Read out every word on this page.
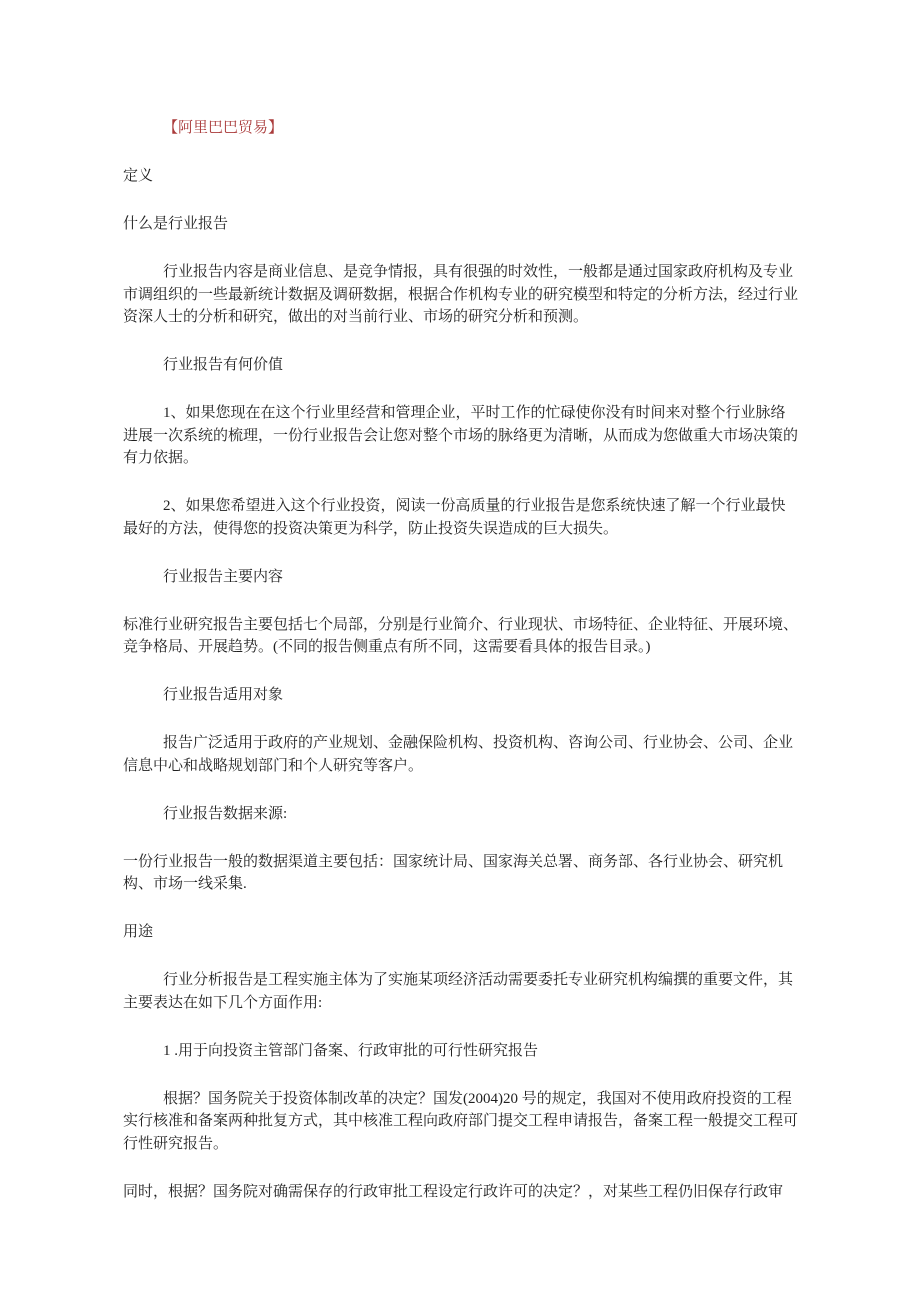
【阿里巴巴贸易】

定义

什么是行业报告

行业报告内容是商业信息、是竞争情报，具有很强的时效性，一般都是通过国家政府机构及专业市调组织的一些最新统计数据及调研数据，根据合作机构专业的研究模型和特定的分析方法，经过行业资深人士的分析和研究，做出的对当前行业、市场的研究分析和预测。

行业报告有何价值

1、如果您现在在这个行业里经营和管理企业，平时工作的忙碌使你没有时间来对整个行业脉络进展一次系统的梳理，一份行业报告会让您对整个市场的脉络更为清晰，从而成为您做重大市场决策的有力依据。

2、如果您希望进入这个行业投资，阅读一份高质量的行业报告是您系统快速了解一个行业最快最好的方法，使得您的投资决策更为科学，防止投资失误造成的巨大损失。

行业报告主要内容

标准行业研究报告主要包括七个局部，分别是行业简介、行业现状、市场特征、企业特征、开展环境、竞争格局、开展趋势。(不同的报告侧重点有所不同，这需要看具体的报告目录。)

行业报告适用对象

报告广泛适用于政府的产业规划、金融保险机构、投资机构、咨询公司、行业协会、公司、企业信息中心和战略规划部门和个人研究等客户。

行业报告数据来源:

一份行业报告一般的数据渠道主要包括：国家统计局、国家海关总署、商务部、各行业协会、研究机构、市场一线采集.

用途

行业分析报告是工程实施主体为了实施某项经济活动需要委托专业研究机构编撰的重要文件，其主要表达在如下几个方面作用:

1 .用于向投资主管部门备案、行政审批的可行性研究报告

根据？国务院关于投资体制改革的决定？国发(2004)20 号的规定，我国对不使用政府投资的工程实行核准和备案两种批复方式，其中核准工程向政府部门提交工程申请报告，备案工程一般提交工程可行性研究报告。

同时，根据？国务院对确需保存的行政审批工程设定行政许可的决定？，对某些工程仍旧保存行政审
